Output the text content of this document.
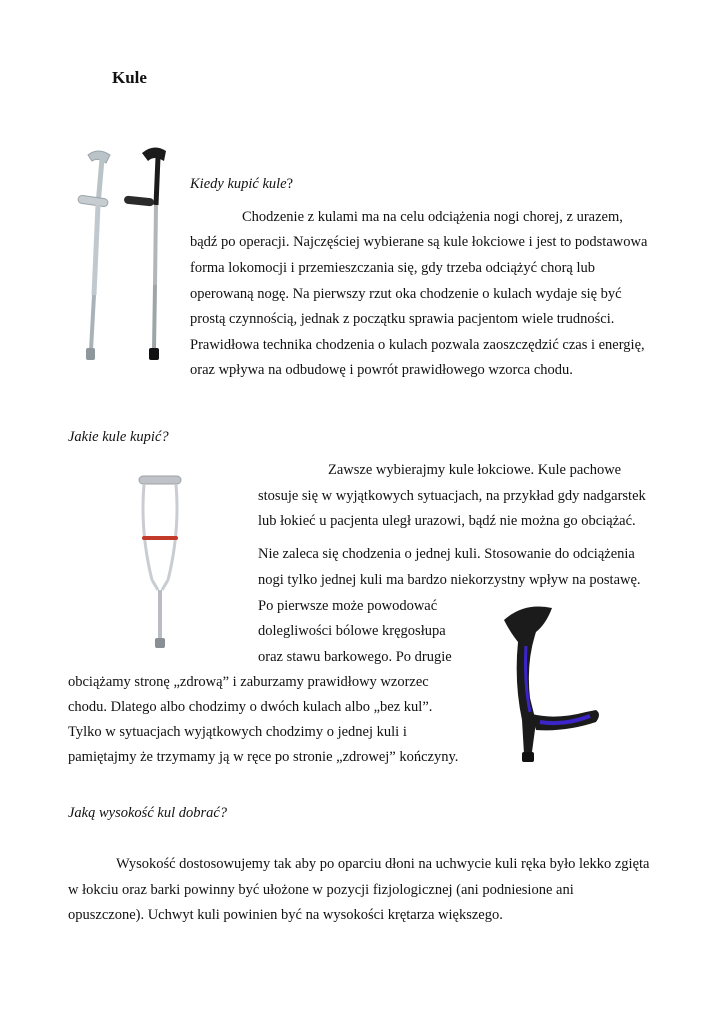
Kule
Kiedy kupić kule?
Chodzenie z kulami ma na celu odciążenia nogi chorej, z urazem,
bądź po operacji. Najczęściej wybierane są kule łokciowe i jest to podstawowa
forma lokomocji i przemieszczania się, gdy trzeba odciążyć chorą lub
operowaną nogę. Na pierwszy rzut oka chodzenie o kulach wydaje się być
prostą czynnością, jednak z początku sprawia pacjentom wiele trudności.
Prawidłowa technika chodzenia o kulach pozwala zaoszczędzić czas i energię,
oraz wpływa na odbudowę i powrót prawidłowego wzorca chodu.
Jakie kule kupić?
Zawsze wybierajmy kule łokciowe. Kule pachowe
stosuje się w wyjątkowych sytuacjach, na przykład gdy nadgarstek
lub łokieć u pacjenta uległ urazowi, bądź nie można go obciążać.
Nie zaleca się chodzenia o jednej kuli. Stosowanie do odciążenia
nogi tylko jednej kuli ma bardzo niekorzystny wpływ na postawę.
Po pierwsze może powodować
dolegliwości bólowe kręgosłupa
oraz stawu barkowego. Po drugie
obciążamy stronę „zdrową” i zaburzamy prawidłowy wzorzec
chodu. Dlatego albo chodzimy o dwóch kulach albo „bez kul”.
Tylko w sytuacjach wyjątkowych chodzimy o jednej kuli i
pamiętajmy że trzymamy ją w ręce po stronie „zdrowej” kończyny.
Jaką wysokość kul dobrać?
Wysokość dostosowujemy tak aby po oparciu dłoni na uchwycie kuli ręka było lekko zgięta
w łokciu oraz barki powinny być ułożone w pozycji fizjologicznej (ani podniesione ani
opuszczone). Uchwyt kuli powinien być na wysokości krętarza większego.
